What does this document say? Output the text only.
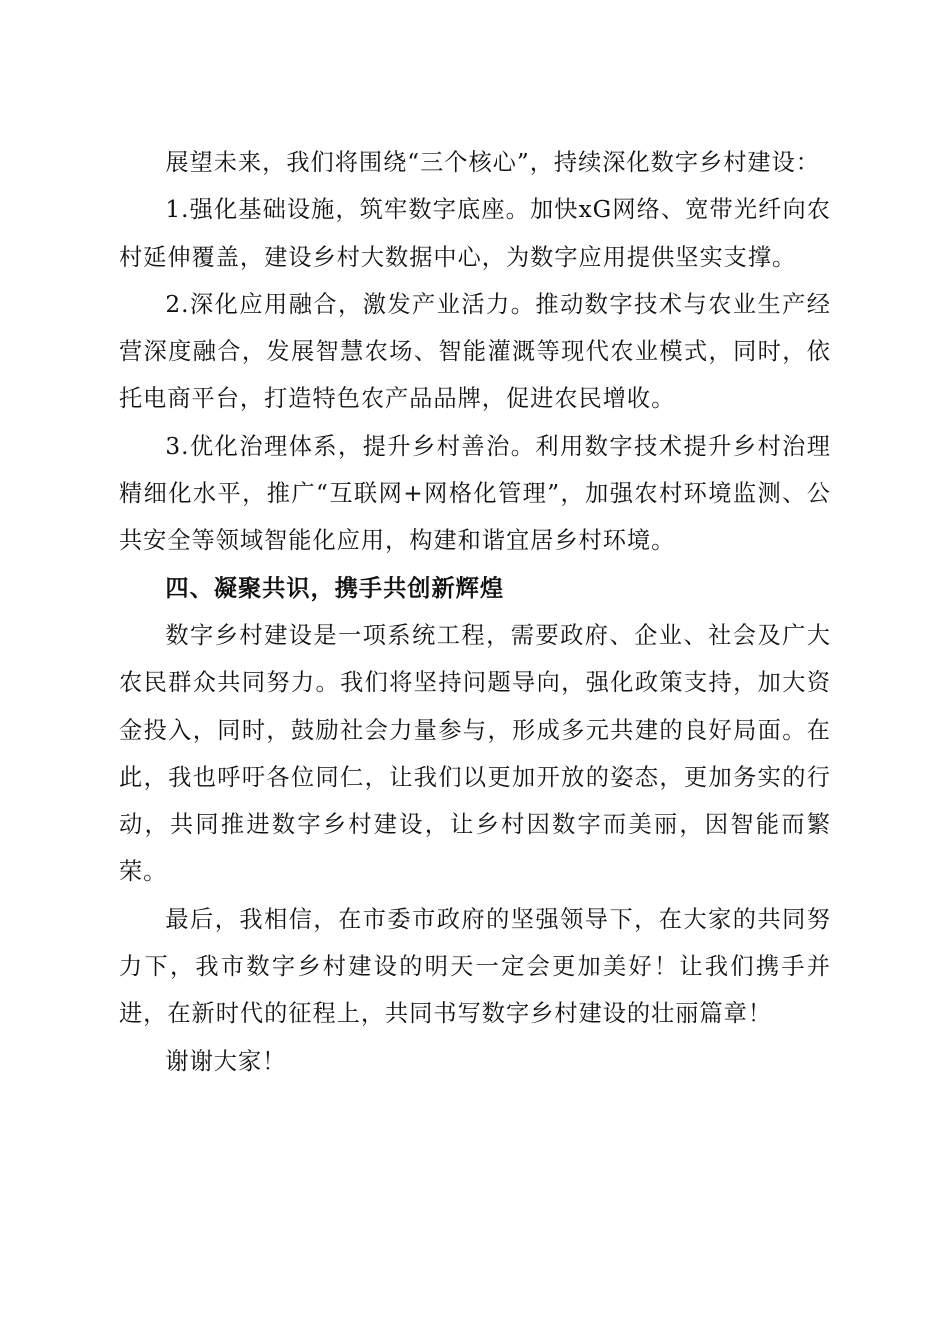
展望未来，我们将围绕“三个核心”，持续深化数字乡村建设：

1.强化基础设施，筑牢数字底座。加快xG网络、宽带光纤向农村延伸覆盖，建设乡村大数据中心，为数字应用提供坚实支撑。

2.深化应用融合，激发产业活力。推动数字技术与农业生产经营深度融合，发展智慧农场、智能灌溉等现代农业模式，同时，依托电商平台，打造特色农产品品牌，促进农民增收。

3.优化治理体系，提升乡村善治。利用数字技术提升乡村治理精细化水平，推广“互联网+网格化管理”，加强农村环境监测、公共安全等领域智能化应用，构建和谐宜居乡村环境。

四、凝聚共识，携手共创新辉煌

数字乡村建设是一项系统工程，需要政府、企业、社会及广大农民群众共同努力。我们将坚持问题导向，强化政策支持，加大资金投入，同时，鼓励社会力量参与，形成多元共建的良好局面。在此，我也呼吁各位同仁，让我们以更加开放的姿态，更加务实的行动，共同推进数字乡村建设，让乡村因数字而美丽，因智能而繁荣。

最后，我相信，在市委市政府的坚强领导下，在大家的共同努力下，我市数字乡村建设的明天一定会更加美好！让我们携手并进，在新时代的征程上，共同书写数字乡村建设的壮丽篇章！

谢谢大家！
